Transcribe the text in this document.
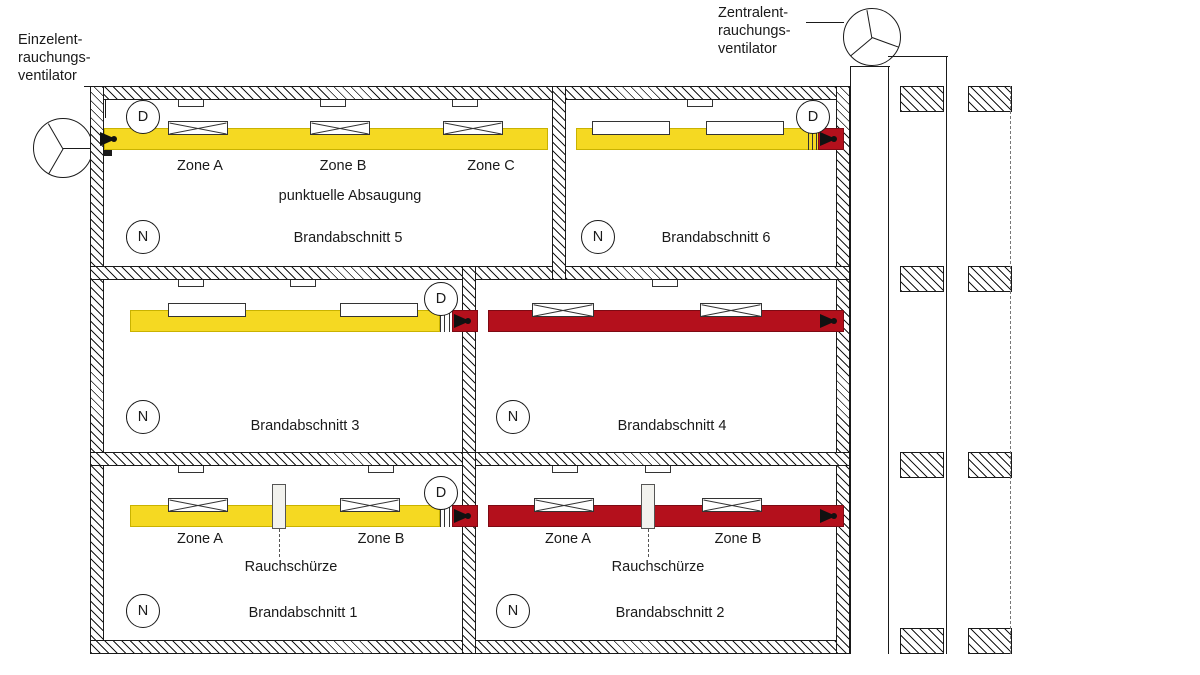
Einzelent-
rauchungs-
ventilator
Zentralent-
rauchungs-
ventilator
D
N
Zone A	Zone B	Zone C
punktuelle Absaugung
Brandabschnitt 5
D
N	Brandabschnitt 6
D
N
Brandabschnitt 3
N
Brandabschnitt 4
D
N
Zone A	Zone B
Rauchschürze
Brandabschnitt 1	N
Zone A	Zone B
Rauchschürze
Brandabschnitt 2
